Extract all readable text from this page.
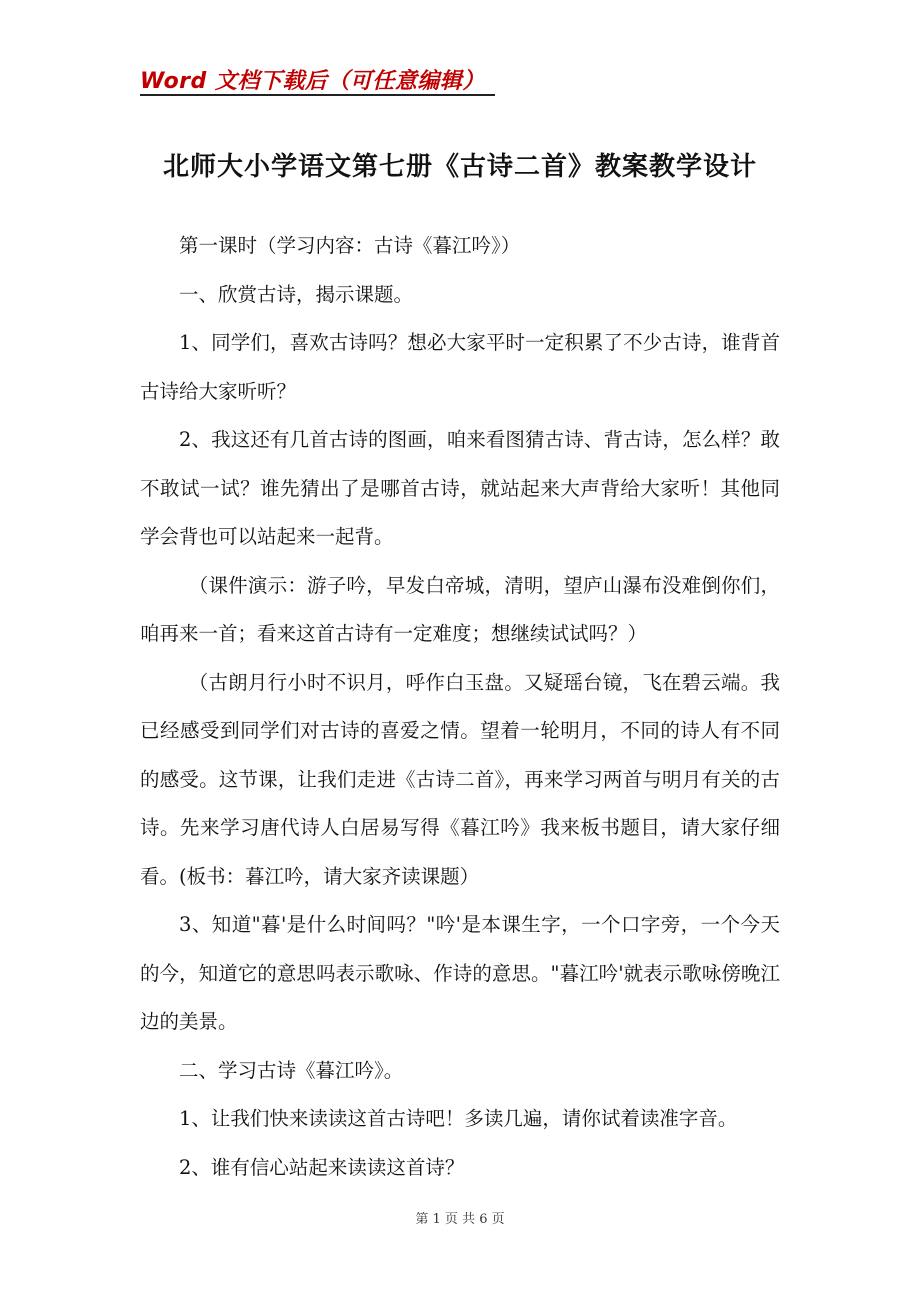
Word 文档下载后（可任意编辑）
北师大小学语文第七册《古诗二首》教案教学设计

第一课时（学习内容：古诗《暮江吟》）

一、欣赏古诗，揭示课题。

1、同学们，喜欢古诗吗？想必大家平时一定积累了不少古诗，谁背首古诗给大家听听？

2、我这还有几首古诗的图画，咱来看图猜古诗、背古诗，怎么样？敢不敢试一试？谁先猜出了是哪首古诗，就站起来大声背给大家听！其他同学会背也可以站起来一起背。

（课件演示：游子吟，早发白帝城，清明，望庐山瀑布没难倒你们，咱再来一首；看来这首古诗有一定难度；想继续试试吗？）

（古朗月行小时不识月，呼作白玉盘。又疑瑶台镜，飞在碧云端。我已经感受到同学们对古诗的喜爱之情。望着一轮明月，不同的诗人有不同的感受。这节课，让我们走进《古诗二首》，再来学习两首与明月有关的古诗。先来学习唐代诗人白居易写得《暮江吟》我来板书题目，请大家仔细看。(板书：暮江吟，请大家齐读课题）

3、知道"暮'是什么时间吗？"吟'是本课生字，一个口字旁，一个今天的今，知道它的意思吗表示歌咏、作诗的意思。"暮江吟'就表示歌咏傍晚江边的美景。

二、学习古诗《暮江吟》。

1、让我们快来读读这首古诗吧！多读几遍，请你试着读准字音。

2、谁有信心站起来读读这首诗？

第 1 页 共 6 页
